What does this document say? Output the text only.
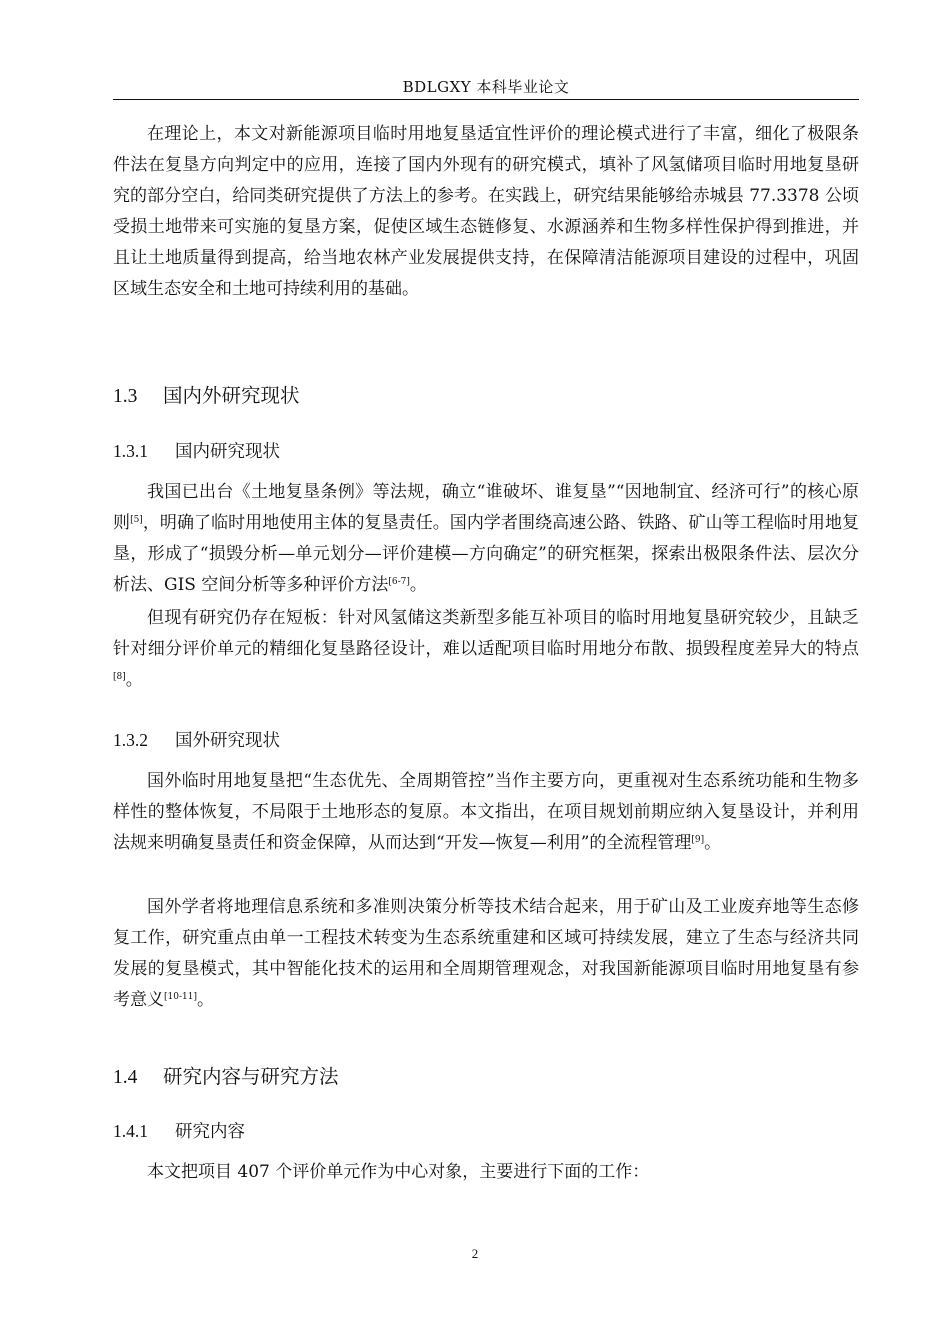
BDLGXY 本科毕业论文

在理论上，本文对新能源项目临时用地复垦适宜性评价的理论模式进行了丰富，细化了极限条件法在复垦方向判定中的应用，连接了国内外现有的研究模式，填补了风氢储项目临时用地复垦研究的部分空白，给同类研究提供了方法上的参考。在实践上，研究结果能够给赤城县 77.3378 公顷受损土地带来可实施的复垦方案，促使区域生态链修复、水源涵养和生物多样性保护得到推进，并且让土地质量得到提高，给当地农林产业发展提供支持，在保障清洁能源项目建设的过程中，巩固区域生态安全和土地可持续利用的基础。

1.3 国内外研究现状
1.3.1 国内研究现状

我国已出台《土地复垦条例》等法规，确立“谁破坏、谁复垦”“因地制宜、经济可行”的核心原则[5]，明确了临时用地使用主体的复垦责任。国内学者围绕高速公路、铁路、矿山等工程临时用地复垦，形成了“损毁分析—单元划分—评价建模—方向确定”的研究框架，探索出极限条件法、层次分析法、GIS 空间分析等多种评价方法[6-7]。

但现有研究仍存在短板：针对风氢储这类新型多能互补项目的临时用地复垦研究较少，且缺乏针对细分评价单元的精细化复垦路径设计，难以适配项目临时用地分布散、损毁程度差异大的特点[8]。

1.3.2 国外研究现状

国外临时用地复垦把“生态优先、全周期管控”当作主要方向，更重视对生态系统功能和生物多样性的整体恢复，不局限于土地形态的复原。本文指出，在项目规划前期应纳入复垦设计，并利用法规来明确复垦责任和资金保障，从而达到“开发—恢复—利用”的全流程管理[9]。

国外学者将地理信息系统和多准则决策分析等技术结合起来，用于矿山及工业废弃地等生态修复工作，研究重点由单一工程技术转变为生态系统重建和区域可持续发展，建立了生态与经济共同发展的复垦模式，其中智能化技术的运用和全周期管理观念，对我国新能源项目临时用地复垦有参考意义[10-11]。

1.4 研究内容与研究方法
1.4.1 研究内容

本文把项目 407 个评价单元作为中心对象，主要进行下面的工作：

2
